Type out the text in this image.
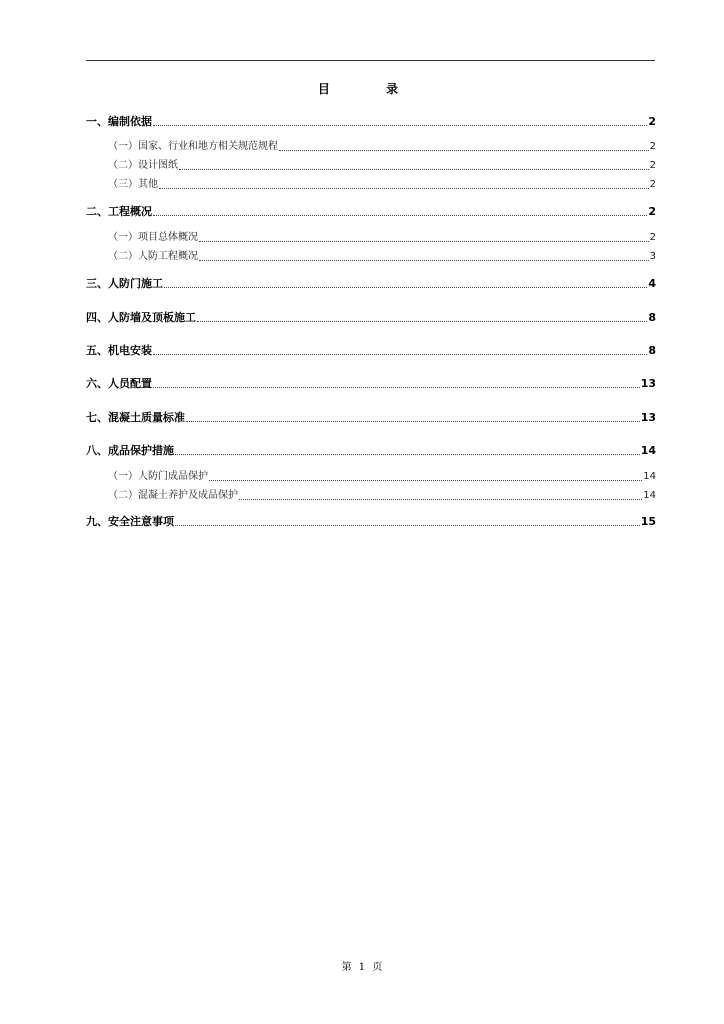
目 录
一、编制依据	2
（一）国家、行业和地方相关规范规程	2
（二）设计图纸	2
（三）其他	2
二、工程概况	2
（一）项目总体概况	2
（二）人防工程概况	3
三、人防门施工	4
四、人防墙及顶板施工	8
五、机电安装	8
六、人员配置	13
七、混凝土质量标准	13
八、成品保护措施	14
（一）人防门成品保护	14
（二）混凝土养护及成品保护	14
九、安全注意事项	15
第 1 页
